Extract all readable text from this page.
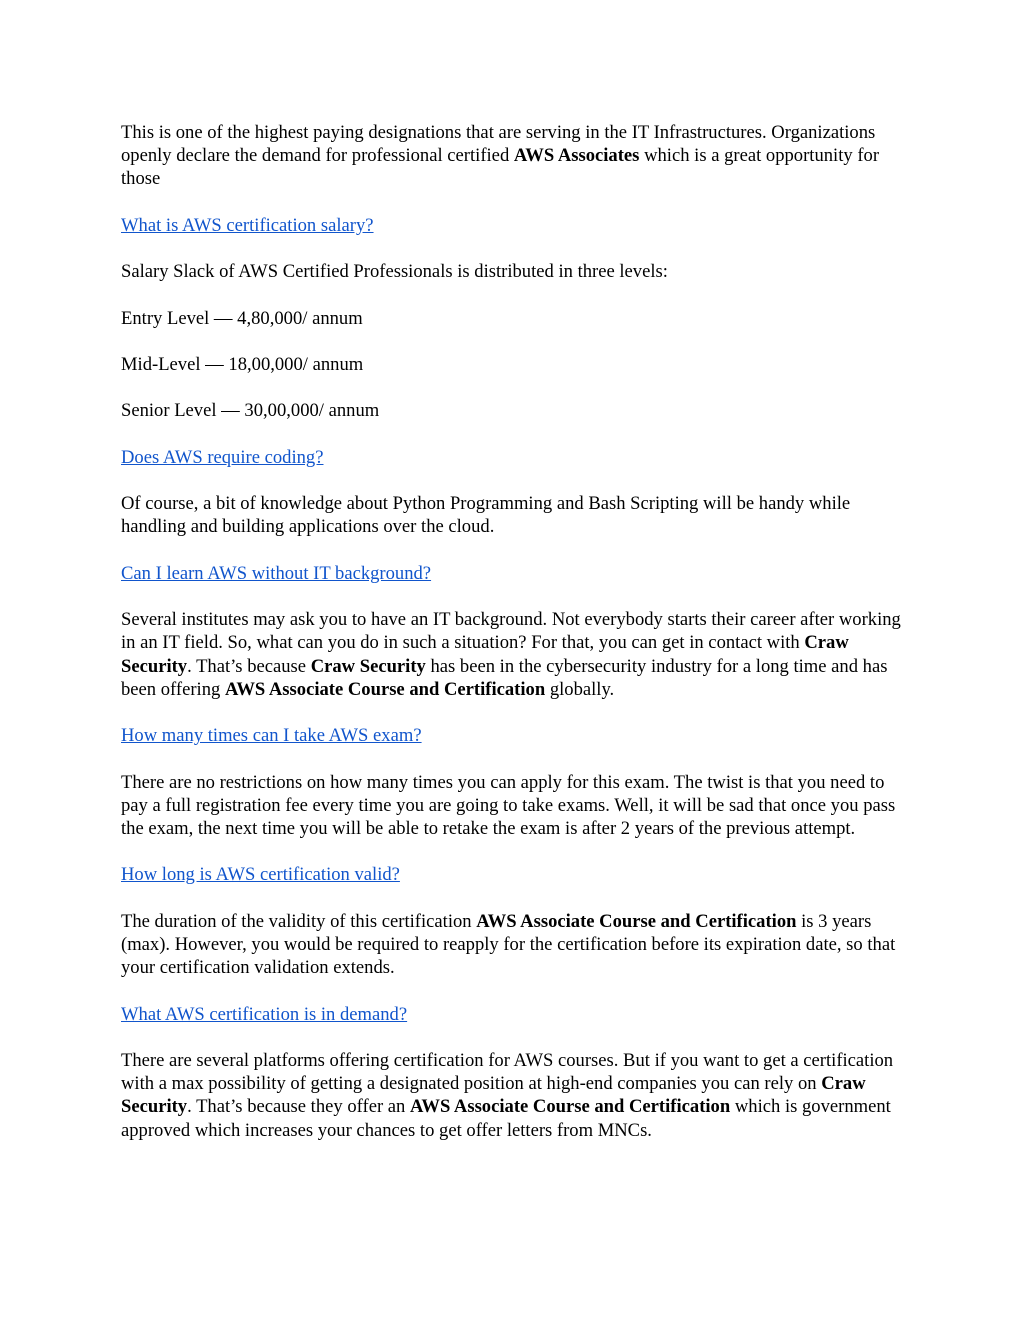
This is one of the highest paying designations that are serving in the IT Infrastructures. Organizations openly declare the demand for professional certified AWS Associates which is a great opportunity for those

What is AWS certification salary?

Salary Slack of AWS Certified Professionals is distributed in three levels:

Entry Level — 4,80,000/ annum

Mid-Level — 18,00,000/ annum

Senior Level — 30,00,000/ annum

Does AWS require coding?

Of course, a bit of knowledge about Python Programming and Bash Scripting will be handy while handling and building applications over the cloud.

Can I learn AWS without IT background?

Several institutes may ask you to have an IT background. Not everybody starts their career after working in an IT field. So, what can you do in such a situation? For that, you can get in contact with Craw Security. That’s because Craw Security has been in the cybersecurity industry for a long time and has been offering AWS Associate Course and Certification globally.

How many times can I take AWS exam?

There are no restrictions on how many times you can apply for this exam. The twist is that you need to pay a full registration fee every time you are going to take exams. Well, it will be sad that once you pass the exam, the next time you will be able to retake the exam is after 2 years of the previous attempt.

How long is AWS certification valid?

The duration of the validity of this certification AWS Associate Course and Certification is 3 years (max). However, you would be required to reapply for the certification before its expiration date, so that your certification validation extends.

What AWS certification is in demand?

There are several platforms offering certification for AWS courses. But if you want to get a certification with a max possibility of getting a designated position at high-end companies you can rely on Craw Security. That’s because they offer an AWS Associate Course and Certification which is government approved which increases your chances to get offer letters from MNCs.
